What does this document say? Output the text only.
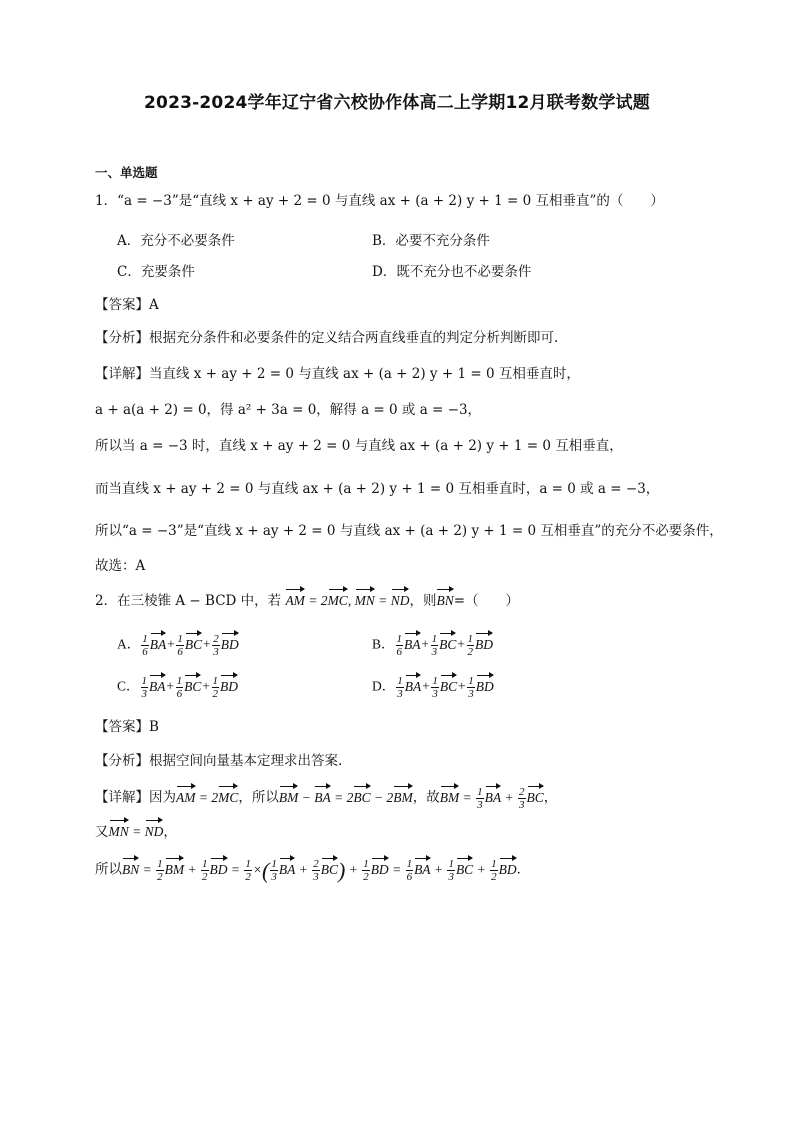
2023-2024学年辽宁省六校协作体高二上学期12月联考数学试题
一、单选题
1．“a = −3”是“直线 x + ay + 2 = 0 与直线 ax + (a + 2) y + 1 = 0 互相垂直”的（　　）
A．充分不必要条件	B．必要不充分条件
C．充要条件	D．既不充分也不必要条件
【答案】A
【分析】根据充分条件和必要条件的定义结合两直线垂直的判定分析判断即可.
【详解】当直线 x + ay + 2 = 0 与直线 ax + (a + 2) y + 1 = 0 互相垂直时，
a + a(a + 2) = 0，得 a² + 3a = 0，解得 a = 0 或 a = −3，
所以当 a = −3 时，直线 x + ay + 2 = 0 与直线 ax + (a + 2) y + 1 = 0 互相垂直，
而当直线 x + ay + 2 = 0 与直线 ax + (a + 2) y + 1 = 0 互相垂直时，a = 0 或 a = −3，
所以“a = −3”是“直线 x + ay + 2 = 0 与直线 ax + (a + 2) y + 1 = 0 互相垂直”的充分不必要条件，
故选：A
2．在三棱锥 A − BCD 中，若 AM = 2MC, MN = ND，则BN=（　　）
A． $\frac{1}{6} BA+ \frac{1}{6} BC+ \frac{2}{3}$ BD	B． $\frac{1}{6} BA+ \frac{1}{3} BC+ \frac{1}{2}$ BD
C． $\frac{1}{3} BA+ \frac{1}{6} BC+ \frac{1}{2}$ BD	D． $\frac{1}{3} BA+ \frac{1}{3} BC+ \frac{1}{3}$ BD
【答案】B
【分析】根据空间向量基本定理求出答案.
【详解】因为AM = 2MC，所以BM − BA = 2BC − 2BM，故BM = $\frac{1}{3}$ BA + $\frac{2}{3}$ BC，
又MN = ND，
所以BN = $\frac{1}{2}$ BM + $\frac{1}{2}$ BD = $\frac{1}{2}$ ×( $\frac{1}{3}$ BA + $\frac{2}{3} BC) + \frac{1}{2}$ BD = $\frac{1}{6}$ BA + $\frac{1}{3}$ BC + $\frac{1}{2}$ BD．
